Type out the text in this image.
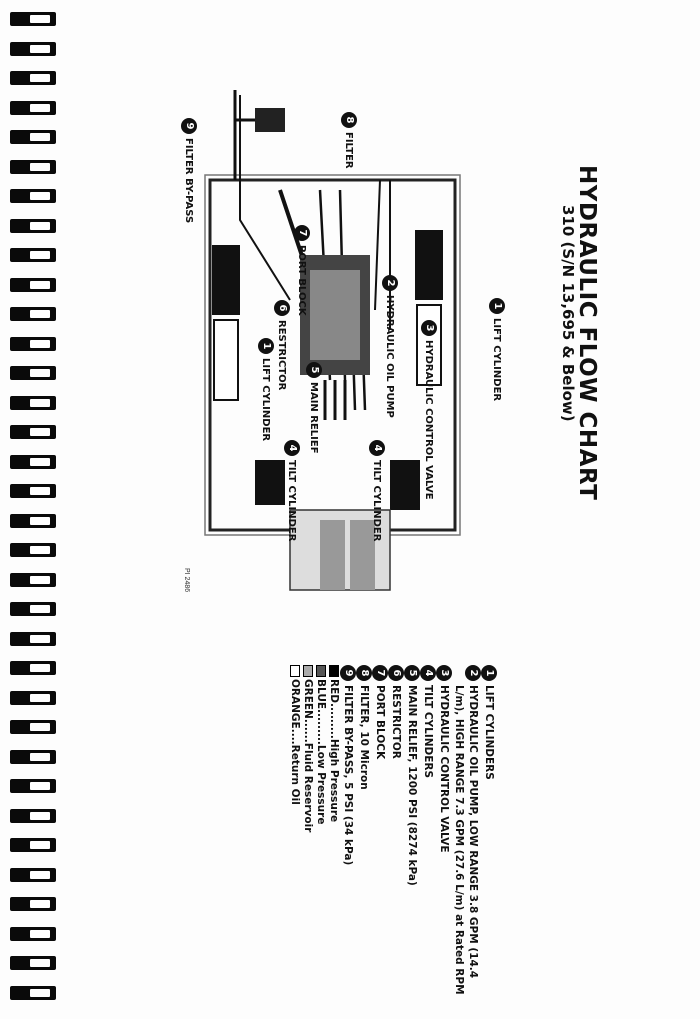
HYDRAULIC FLOW CHART
310 (S/N 13,695 & Below)
8FILTER
9FILTER BY-PASS
1LIFT CYLINDER
7PORT BLOCK	2HYDRAULIC OIL PUMP
6RESTRICTOR
1LIFT CYLINDER	5MAIN RELIEF
3HYDRAULIC CONTROL VALVE
4TILT CYLINDER
4TILT CYLINDER
PI 2486
1LIFT CYLINDERS
2HYDRAULIC OIL PUMP, LOW RANGE 3.8 GPM (14.4
L/m), HIGH RANGE 7.3 GPM (27.6 L/m) at Rated RPM
3HYDRAULIC CONTROL VALVE
4TILT CYLINDERS
5MAIN RELIEF, 1200 PSI (8274 kPa)
6RESTRICTOR
7PORT BLOCK
8FILTER, 10 Micron
9FILTER BY-PASS, 5 PSI (34 kPa)
RED.........High Pressure
BLUE.........Low Pressure
GREEN......Fluid Reservoir
ORANGE....Return Oil
